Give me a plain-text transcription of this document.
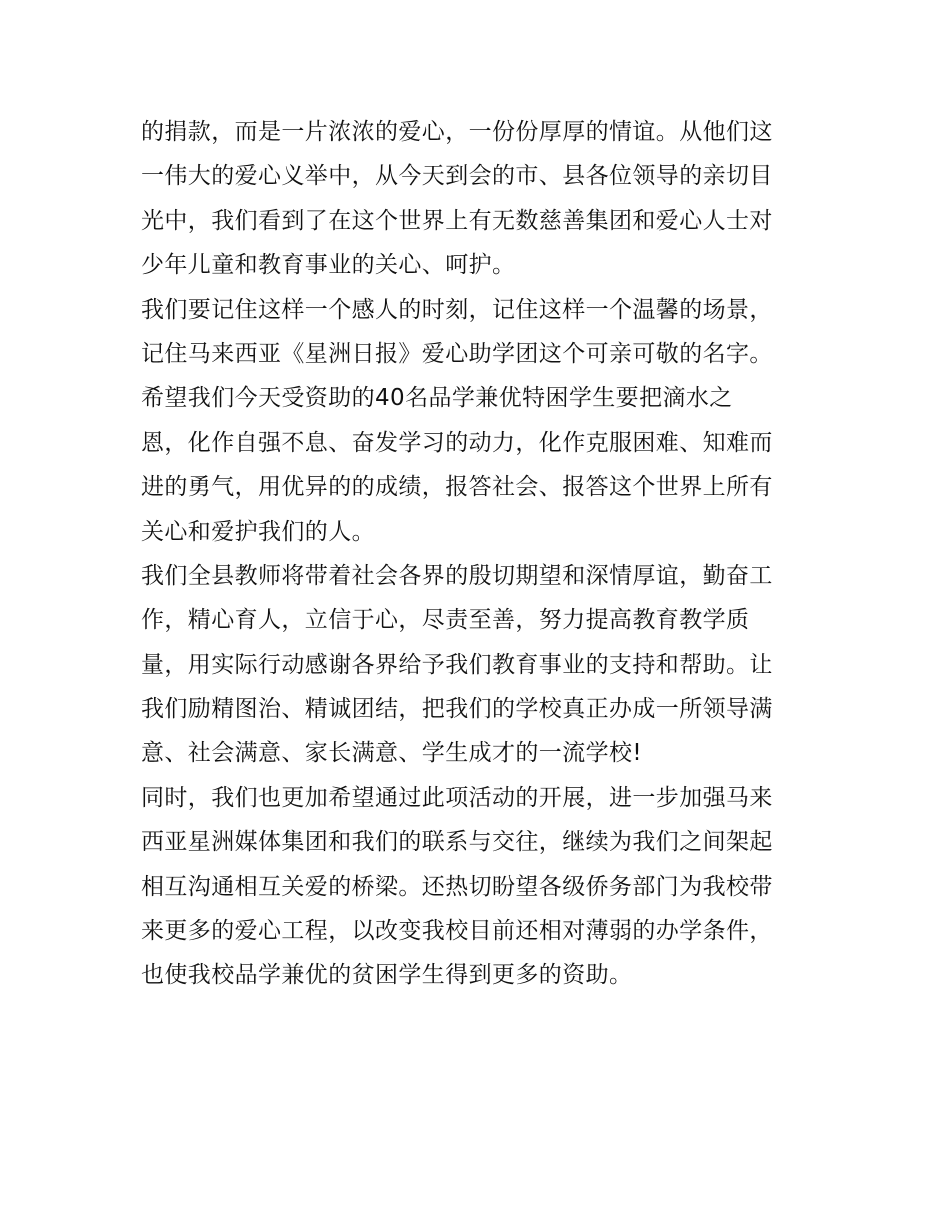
的捐款，而是一片浓浓的爱心，一份份厚厚的情谊。从他们这
一伟大的爱心义举中，从今天到会的市、县各位领导的亲切目
光中，我们看到了在这个世界上有无数慈善集团和爱心人士对
少年儿童和教育事业的关心、呵护。
我们要记住这样一个感人的时刻，记住这样一个温馨的场景，
记住马来西亚《星洲日报》爱心助学团这个可亲可敬的名字。
希望我们今天受资助的40名品学兼优特困学生要把滴水之
恩，化作自强不息、奋发学习的动力，化作克服困难、知难而
进的勇气，用优异的的成绩，报答社会、报答这个世界上所有
关心和爱护我们的人。
我们全县教师将带着社会各界的殷切期望和深情厚谊，勤奋工
作，精心育人，立信于心，尽责至善，努力提高教育教学质
量，用实际行动感谢各界给予我们教育事业的支持和帮助。让
我们励精图治、精诚团结，把我们的学校真正办成一所领导满
意、社会满意、家长满意、学生成才的一流学校!
同时，我们也更加希望通过此项活动的开展，进一步加强马来
西亚星洲媒体集团和我们的联系与交往，继续为我们之间架起
相互沟通相互关爱的桥梁。还热切盼望各级侨务部门为我校带
来更多的爱心工程，以改变我校目前还相对薄弱的办学条件，
也使我校品学兼优的贫困学生得到更多的资助。
